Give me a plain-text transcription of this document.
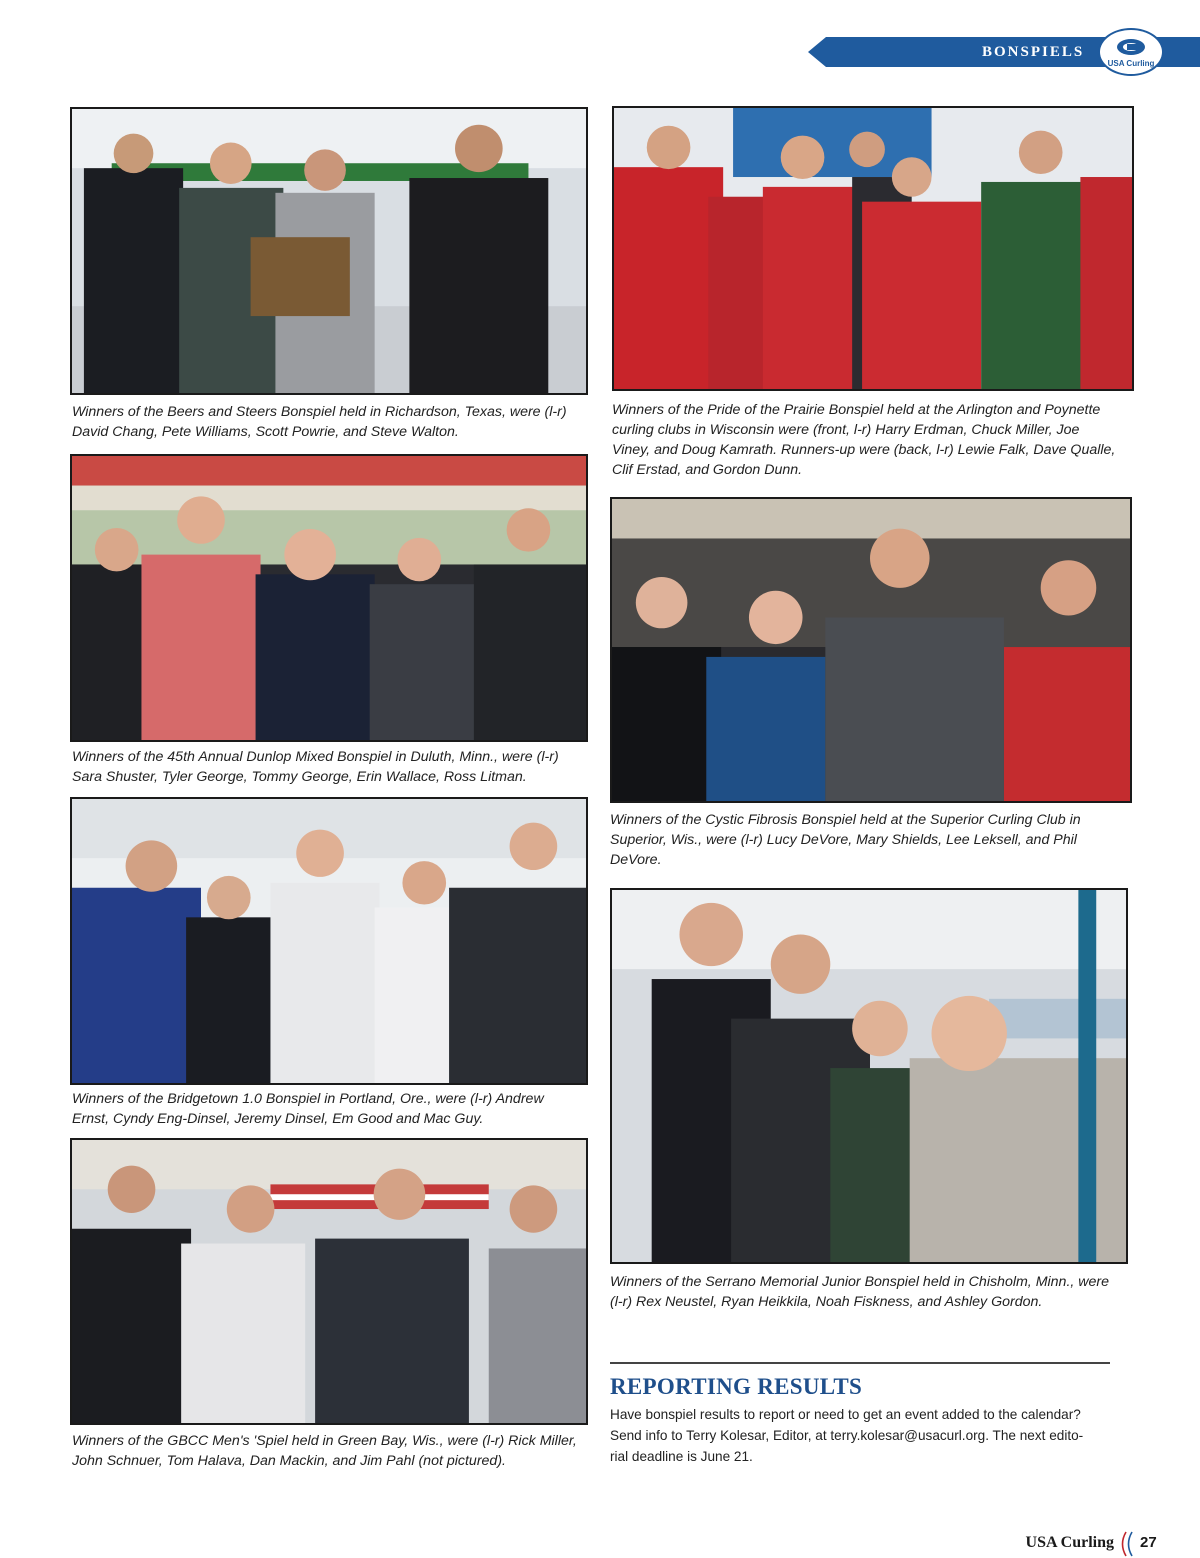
BONSPIELS
USA Curling
Winners of the Beers and Steers Bonspiel held in Richardson, Texas, were (l-r) David Chang, Pete Williams, Scott Powrie, and Steve Walton.
Winners of the Pride of the Prairie Bonspiel held at the Arlington and Poynette curling clubs in Wisconsin were (front, l-r) Harry Erdman, Chuck Miller, Joe Viney, and Doug Kamrath. Runners-up were (back, l-r) Lewie Falk, Dave Qualle, Clif Erstad, and Gordon Dunn.
Winners of the 45th Annual Dunlop Mixed Bonspiel in Duluth, Minn., were (l-r) Sara Shuster, Tyler George, Tommy George, Erin Wallace, Ross Litman.
Winners of the Cystic Fibrosis Bonspiel held at the Superior Curling Club in Superior, Wis., were (l-r) Lucy DeVore, Mary Shields, Lee Leksell, and Phil DeVore.
Winners of the Bridgetown 1.0 Bonspiel in Portland, Ore., were (l-r) Andrew Ernst, Cyndy Eng-Dinsel, Jeremy Dinsel, Em Good and Mac Guy.
Winners of the Serrano Memorial Junior Bonspiel held in Chisholm, Minn., were (l-r) Rex Neustel, Ryan Heikkila, Noah Fiskness, and Ashley Gordon.
Winners of the GBCC Men's 'Spiel held in Green Bay, Wis., were (l-r) Rick Miller, John Schnuer, Tom Halava, Dan Mackin, and Jim Pahl (not pictured).
REPORTING RESULTS
Have bonspiel results to report or need to get an event added to the calendar?
Send info to Terry Kolesar, Editor, at terry.kolesar@usacurl.org. The next edito-
rial deadline is June 21.
USA Curling 27
